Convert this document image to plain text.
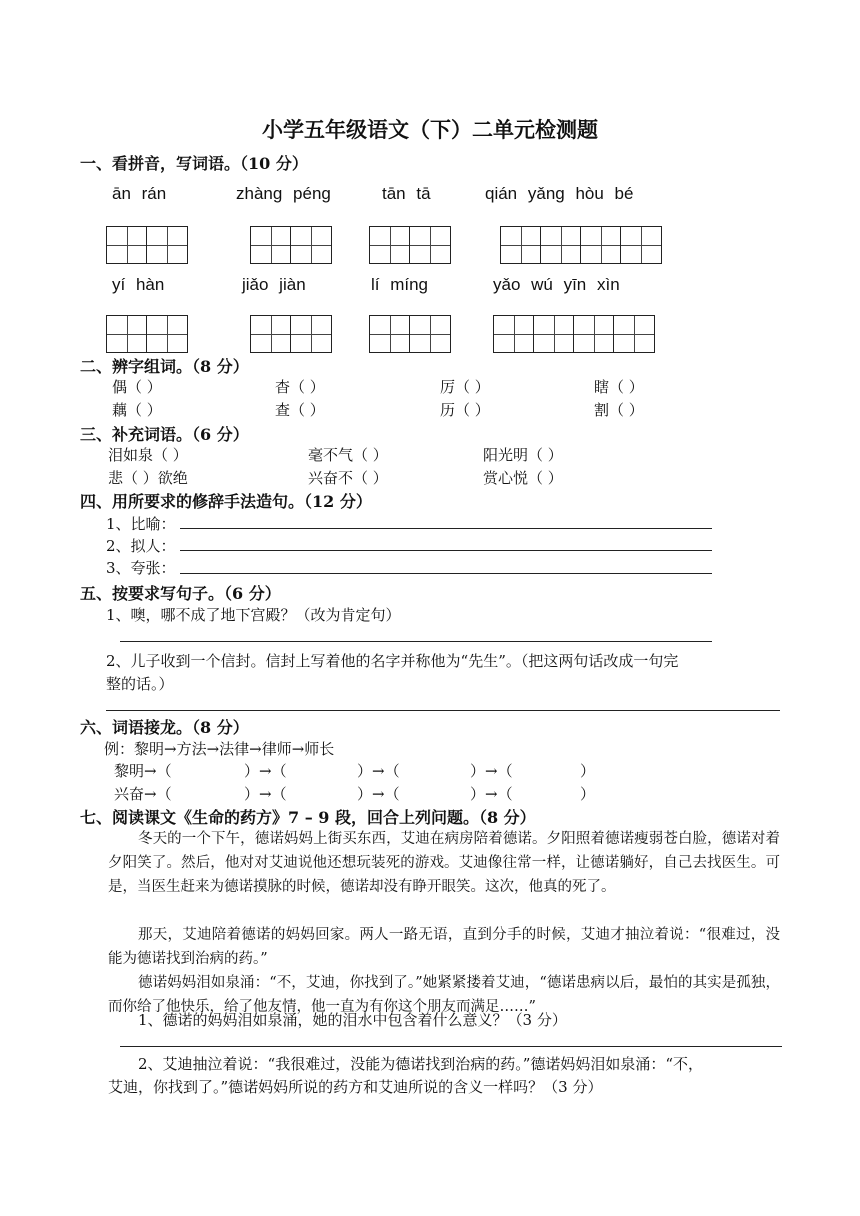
小学五年级语文（下）二单元检测题
一、看拼音，写词语。（10 分）
ān rán	zhàng péng	tān tā	qián yǎng hòu bé
yí hàn	jiǎo jiàn	lí míng	yǎo wú yīn xìn
二、辨字组词。（8 分）
偶（ ）	杳（ ）	厉（ ）	瞎（ ）
藕（ ）	查（ ）	历（ ）	割（ ）
三、补充词语。（6 分）
泪如泉（ ）	毫不气（ ）	阳光明（ ）
悲（ ）欲绝	兴奋不（ ）	赏心悦（ ）
四、用所要求的修辞手法造句。（12 分）
1、比喻：
2、拟人：
3、夸张：
五、按要求写句子。（6 分）
1、噢，哪不成了地下宫殿？（改为肯定句）
2、儿子收到一个信封。信封上写着他的名字并称他为“先生”。（把这两句话改成一句完
整的话。）
六、词语接龙。（8 分）
例：黎明→方法→法律→律师→师长
黎明→（	）→（	）→（	）→（	）
兴奋→（	）→（	）→（	）→（	）
七、阅读课文《生命的药方》7 – 9 段，回合上列问题。（8 分）
冬天的一个下午，德诺妈妈上街买东西，艾迪在病房陪着德诺。夕阳照着德诺瘦弱苍白脸，德诺对着夕阳笑了。然后，他对对艾迪说他还想玩装死的游戏。艾迪像往常一样，让德诺躺好，自己去找医生。可是，当医生赶来为德诺摸脉的时候，德诺却没有睁开眼笑。这次，他真的死了。
那天，艾迪陪着德诺的妈妈回家。两人一路无语，直到分手的时候，艾迪才抽泣着说：“很难过，没能为德诺找到治病的药。”
德诺妈妈泪如泉涌：“不，艾迪，你找到了。”她紧紧搂着艾迪，“德诺患病以后，最怕的其实是孤独，而你给了他快乐，给了他友情，他一直为有你这个朋友而满足……”
1、德诺的妈妈泪如泉涌，她的泪水中包含着什么意义？（3 分）
2、艾迪抽泣着说：“我很难过，没能为德诺找到治病的药。”德诺妈妈泪如泉涌：“不，
艾迪，你找到了。”德诺妈妈所说的药方和艾迪所说的含义一样吗？（3 分）
